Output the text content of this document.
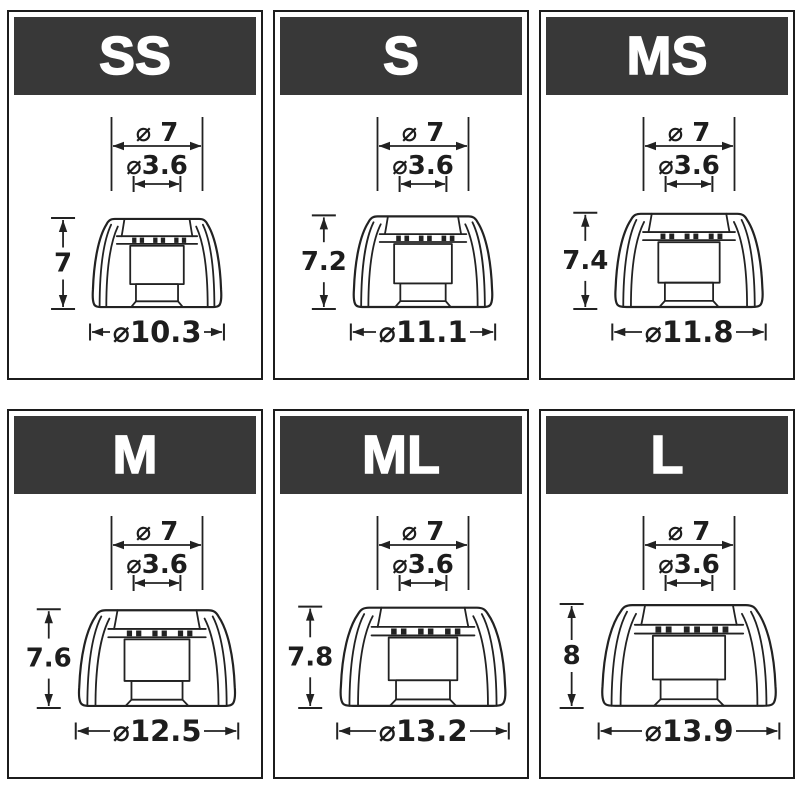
SS
⌀ 7
⌀3.6
7
⌀10.3
S
⌀ 7
⌀3.6
7.2
⌀11.1
MS
⌀ 7
⌀3.6
7.4
⌀11.8
M
⌀ 7
⌀3.6
7.6
⌀12.5
ML
⌀ 7
⌀3.6
7.8
⌀13.2
L
⌀ 7
⌀3.6
8
⌀13.9
